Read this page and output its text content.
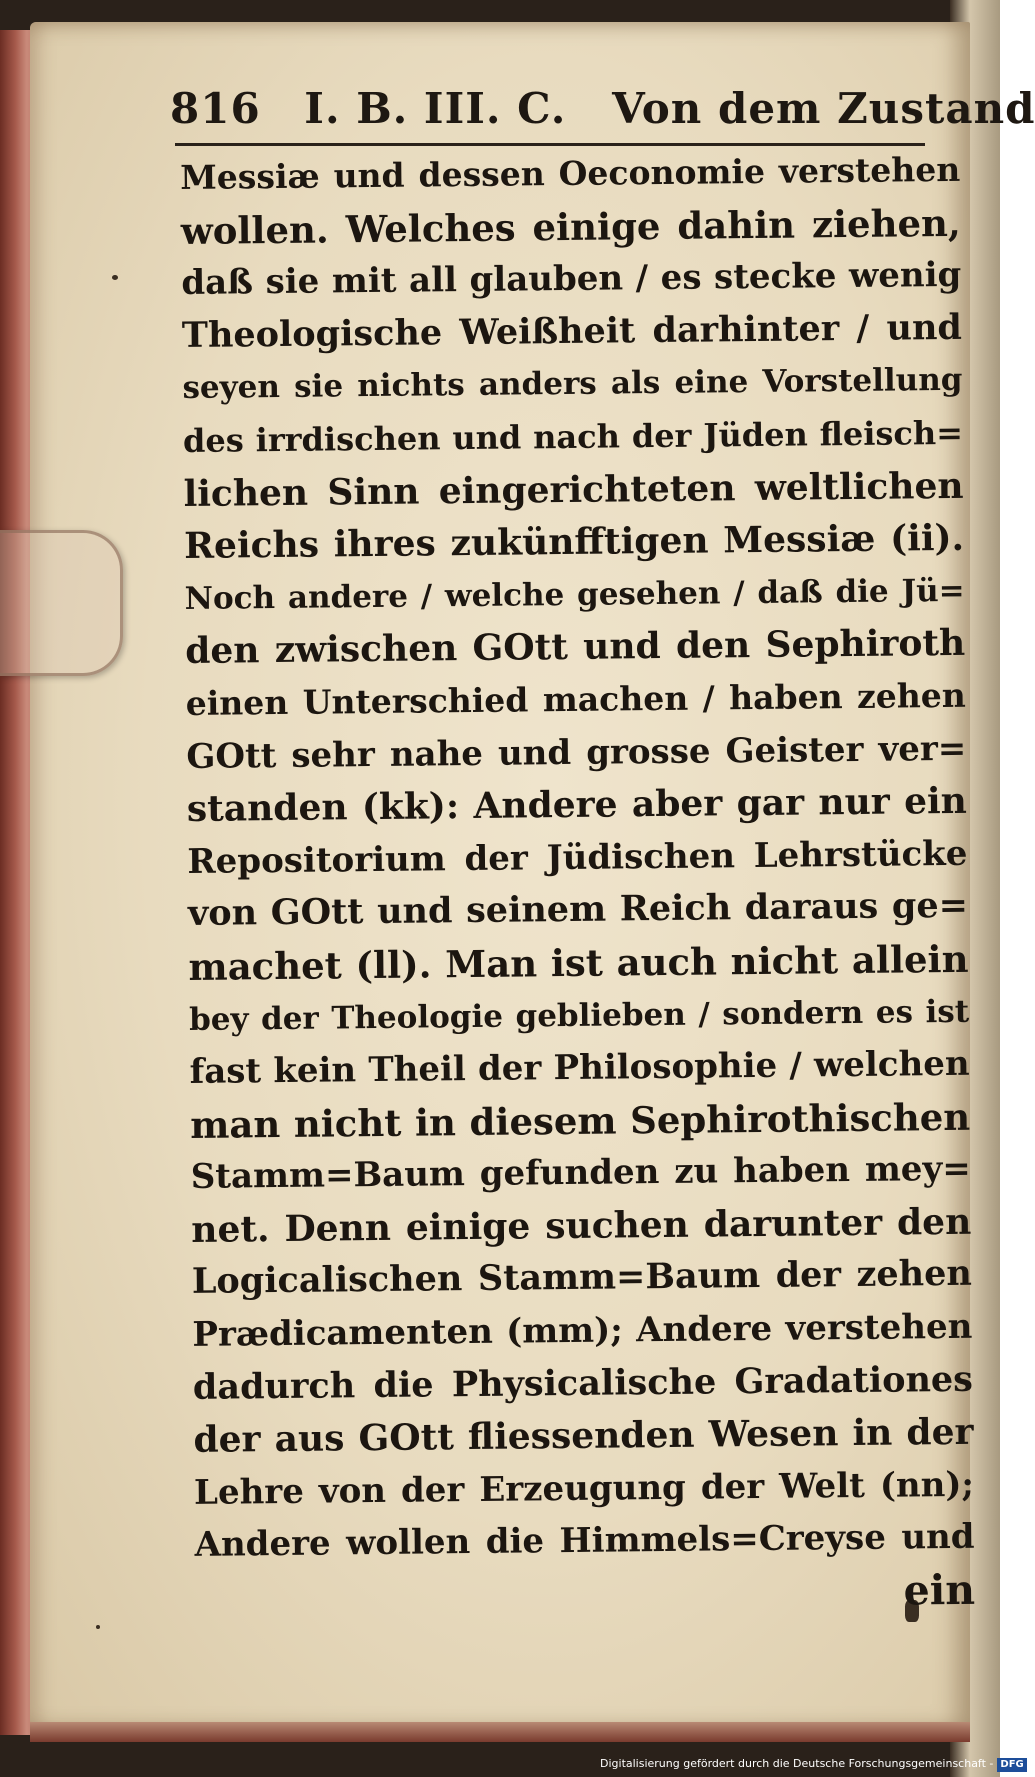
816 I. B. III. C. Von dem Zustand
Messiæ und dessen Oeconomie verstehen
wollen. Welches einige dahin ziehen,
daß sie mit all glauben / es stecke wenig
Theologische Weißheit darhinter / und
seyen sie nichts anders als eine Vorstellung
des irrdischen und nach der Jüden fleisch=
lichen Sinn eingerichteten weltlichen
Reichs ihres zukünfftigen Messiæ (ii).
Noch andere / welche gesehen / daß die Jü=
den zwischen GOtt und den Sephiroth
einen Unterschied machen / haben zehen
GOtt sehr nahe und grosse Geister ver=
standen (kk): Andere aber gar nur ein
Repositorium der Jüdischen Lehrstücke
von GOtt und seinem Reich daraus ge=
machet (ll). Man ist auch nicht allein
bey der Theologie geblieben / sondern es ist
fast kein Theil der Philosophie / welchen
man nicht in diesem Sephirothischen
Stamm=Baum gefunden zu haben mey=
net. Denn einige suchen darunter den
Logicalischen Stamm=Baum der zehen
Prædicamenten (mm); Andere verstehen
dadurch die Physicalische Gradationes
der aus GOtt fliessenden Wesen in der
Lehre von der Erzeugung der Welt (nn);
Andere wollen die Himmels=Creyse und
ein
Digitalisierung gefördert durch die Deutsche Forschungsgemeinschaft - DFG
